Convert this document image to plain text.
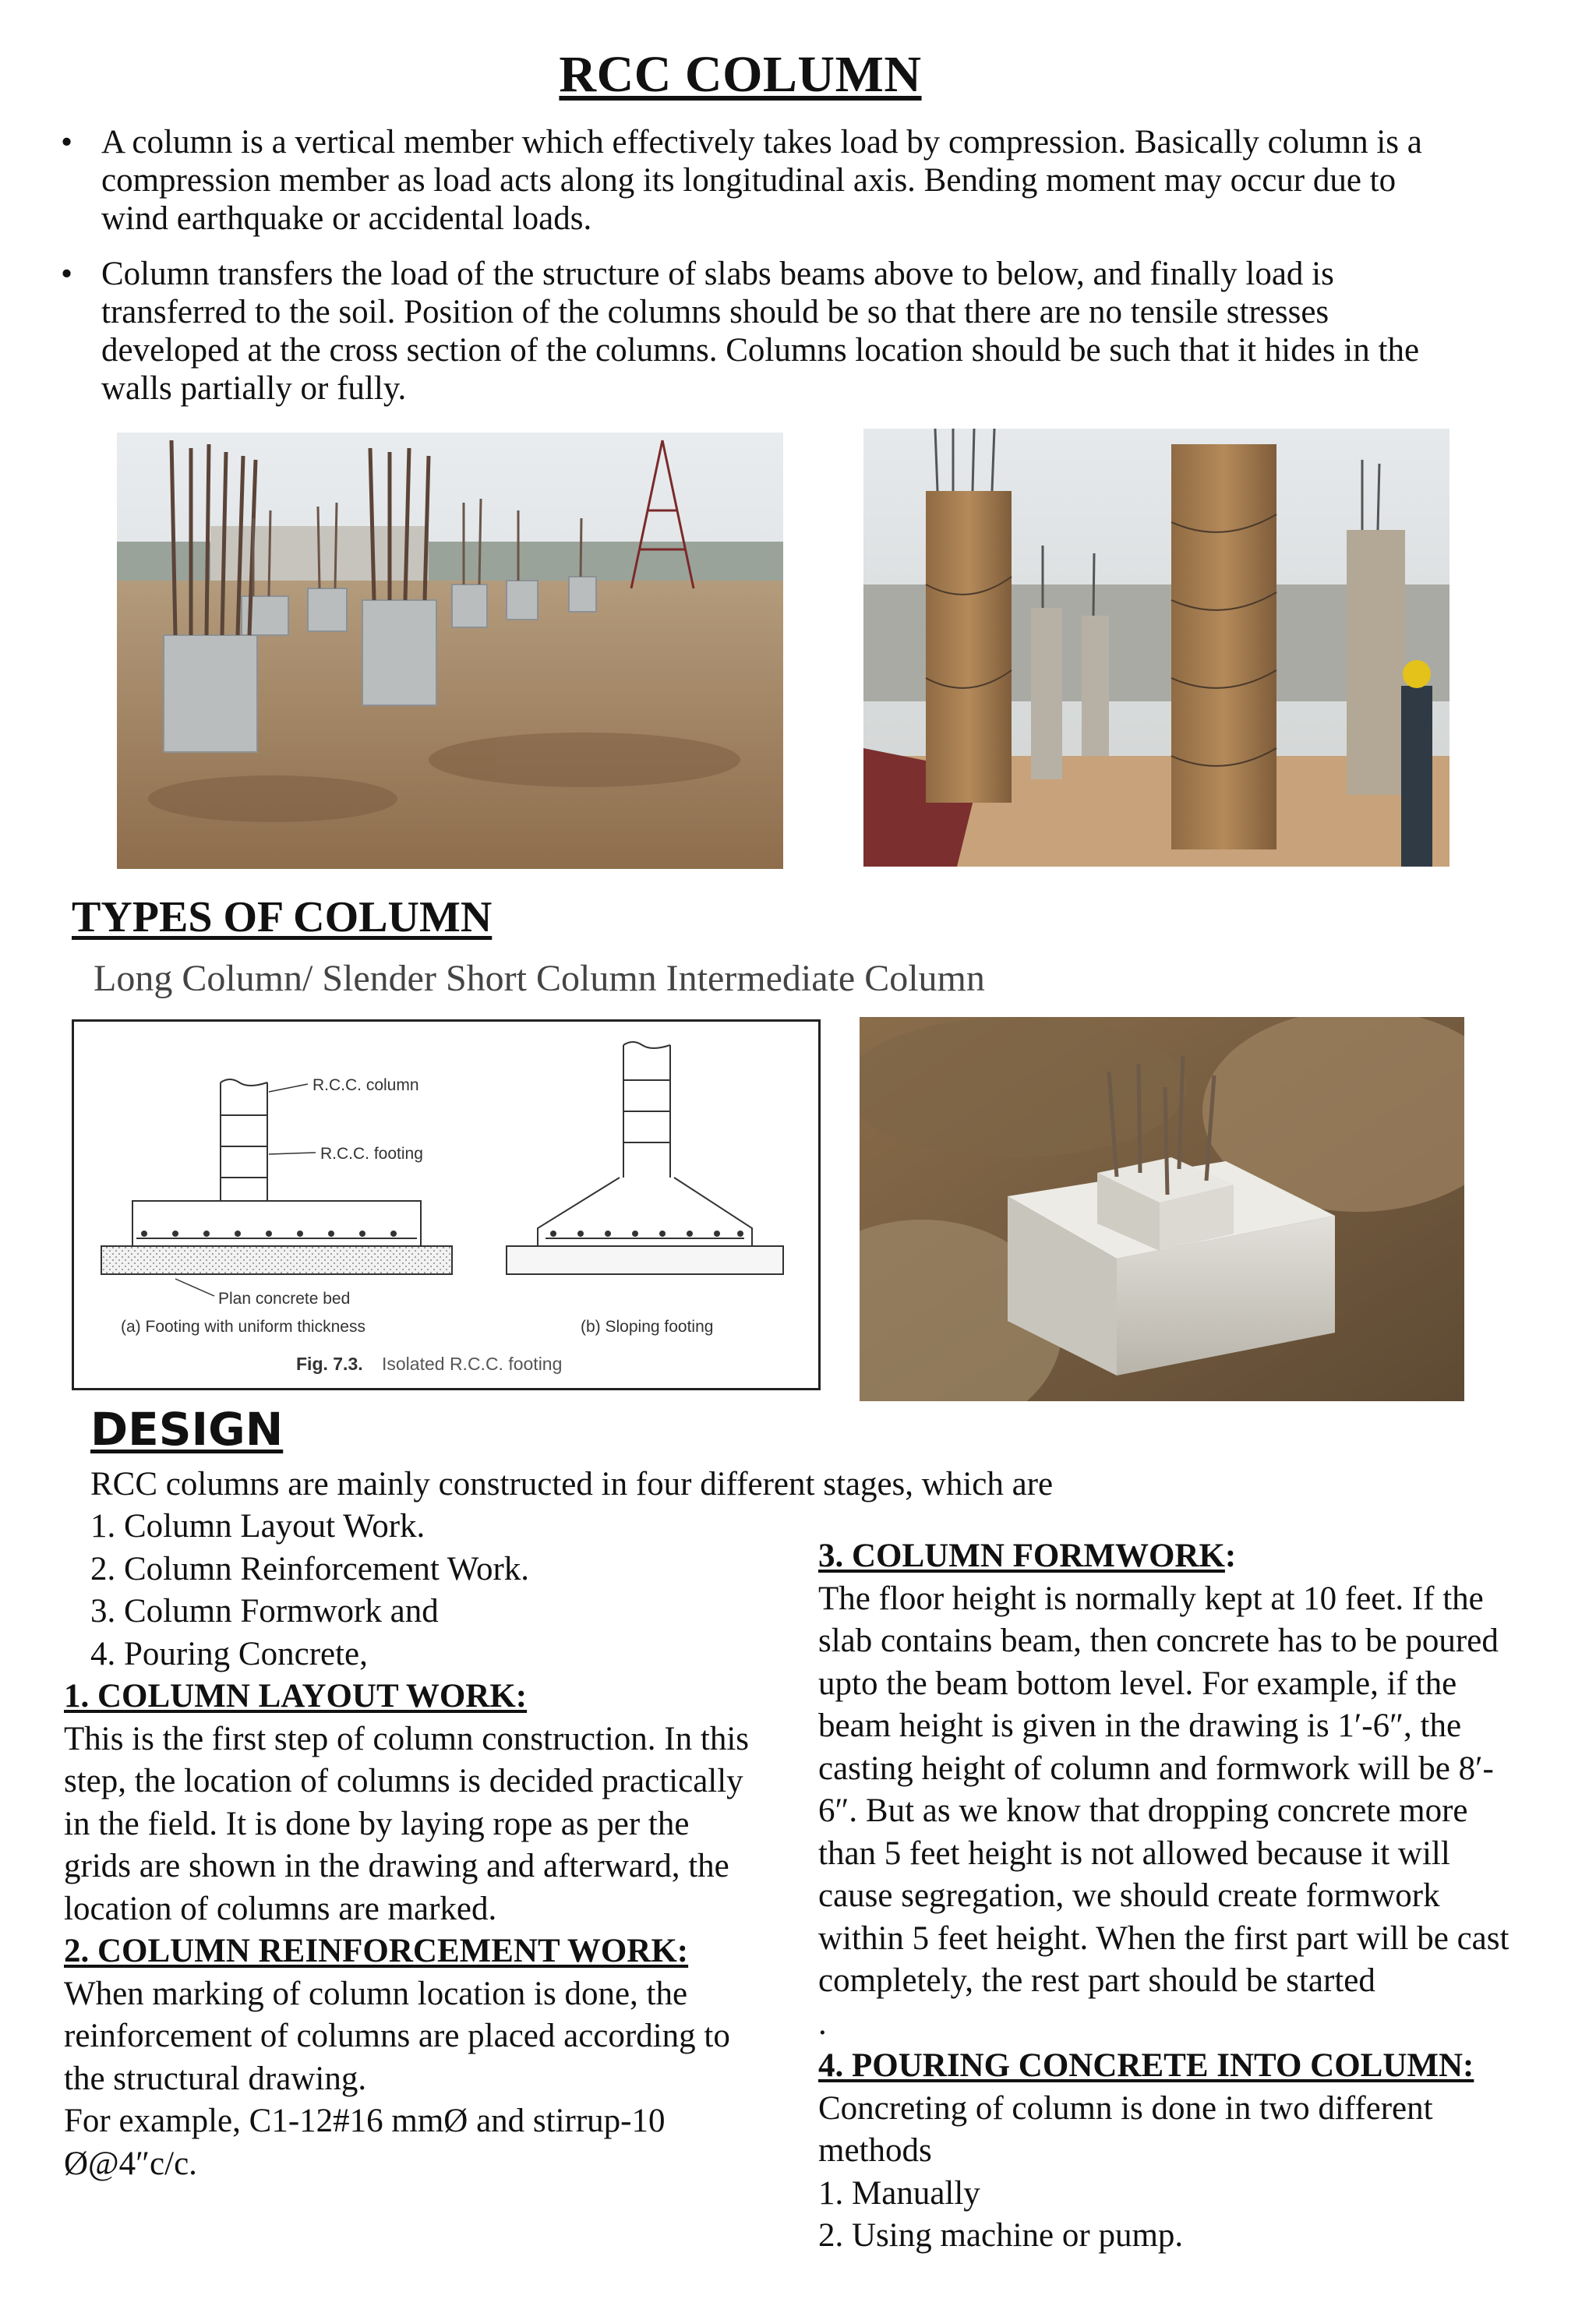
RCC COLUMN
• A column is a vertical member which effectively takes load by compression. Basically column is a compression member as load acts along its longitudinal axis. Bending moment may occur due to wind earthquake or accidental loads.
• Column transfers the load of the structure of slabs beams above to below, and finally load is transferred to the soil. Position of the columns should be so that there are no tensile stresses developed at the cross section of the columns. Columns location should be such that it hides in the walls partially or fully.
TYPES OF COLUMN
Long Column/ Slender Short Column Intermediate Column
R.C.C. column
R.C.C. footing
Plan concrete bed
(a) Footing with uniform thickness	(b) Sloping footing
Fig. 7.3. Isolated R.C.C. footing
DESIGN
RCC columns are mainly constructed in four different stages, which are
1. Column Layout Work.
2. Column Reinforcement Work.
3. Column Formwork and
4. Pouring Concrete,
1. COLUMN LAYOUT WORK:
This is the first step of column construction. In this
step, the location of columns is decided practically
in the field. It is done by laying rope as per the
grids are shown in the drawing and afterward, the
location of columns are marked.
2. COLUMN REINFORCEMENT WORK:
When marking of column location is done, the
reinforcement of columns are placed according to
the structural drawing.
For example, C1-12#16 mmØ and stirrup-10
Ø@4″c/c.
3. COLUMN FORMWORK:
The floor height is normally kept at 10 feet. If the
slab contains beam, then concrete has to be poured
upto the beam bottom level. For example, if the
beam height is given in the drawing is 1′-6″, the
casting height of column and formwork will be 8′-
6″. But as we know that dropping concrete more
than 5 feet height is not allowed because it will
cause segregation, we should create formwork
within 5 feet height. When the first part will be cast
completely, the rest part should be started
.
4. POURING CONCRETE INTO COLUMN:
Concreting of column is done in two different
methods
1. Manually
2. Using machine or pump.
